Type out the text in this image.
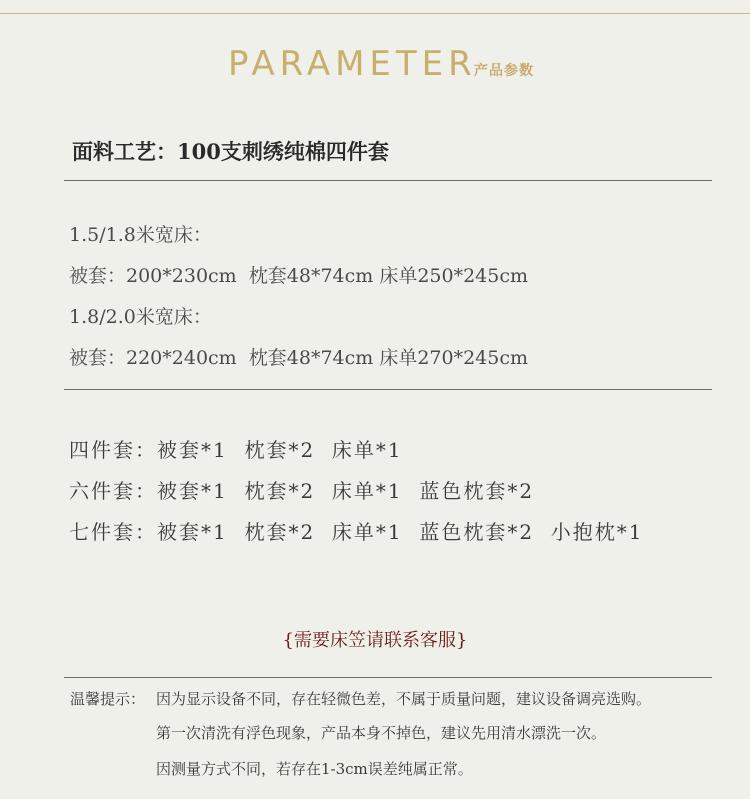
PARAMETER
产品参数
面料工艺：100支刺绣纯棉四件套
1.5/1.8米宽床：
被套：200*230cm  枕套48*74cm 床单250*245cm
1.8/2.0米宽床：
被套：220*240cm  枕套48*74cm 床单270*245cm
四件套：被套*1  枕套*2  床单*1
六件套：被套*1  枕套*2  床单*1  蓝色枕套*2
七件套：被套*1  枕套*2  床单*1  蓝色枕套*2  小抱枕*1
{需要床笠请联系客服}
温馨提示： 因为显示设备不同，存在轻微色差，不属于质量问题，建议设备调亮选购。
第一次清洗有浮色现象，产品本身不掉色，建议先用清水漂洗一次。
因测量方式不同，若存在1-3cm误差纯属正常。
